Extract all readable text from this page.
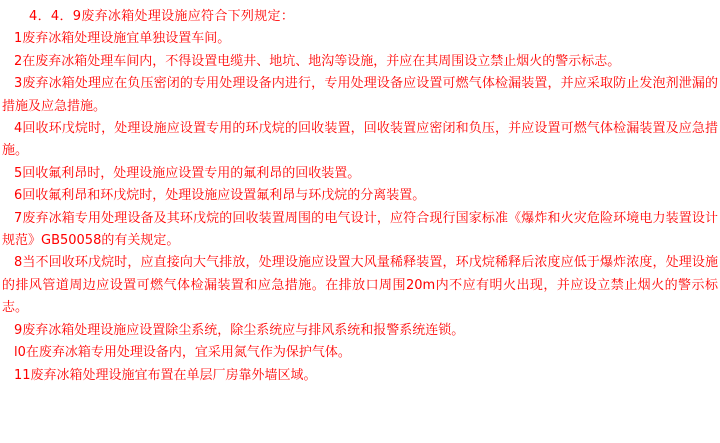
4．4．9废弃冰箱处理设施应符合下列规定：

1废弃冰箱处理设施宜单独设置车间。

2在废弃冰箱处理车间内，不得设置电缆井、地坑、地沟等设施，并应在其周围设立禁止烟火的警示标志。

3废弃冰箱处理应在负压密闭的专用处理设备内进行，专用处理设备应设置可燃气体检漏装置，并应采取防止发泡剂泄漏的措施及应急措施。

4回收环戊烷时，处理设施应设置专用的环戊烷的回收装置，回收装置应密闭和负压，并应设置可燃气体检漏装置及应急措施。

5回收氟利昂时，处理设施应设置专用的氟利昂的回收装置。

6回收氟利昂和环戊烷时，处理设施应设置氟利昂与环戊烷的分离装置。

7废弃冰箱专用处理设备及其环戊烷的回收装置周围的电气设计，应符合现行国家标准《爆炸和火灾危险环境电力装置设计规范》GB50058的有关规定。

8当不回收环戊烷时，应直接向大气排放，处理设施应设置大风量稀释装置，环戊烷稀释后浓度应低于爆炸浓度，处理设施的排风管道周边应设置可燃气体检漏装置和应急措施。在排放口周围20m内不应有明火出现，并应设立禁止烟火的警示标志。

9废弃冰箱处理设施应设置除尘系统，除尘系统应与排风系统和报警系统连锁。

l0在废弃冰箱专用处理设备内，宜采用氮气作为保护气体。

11废弃冰箱处理设施宜布置在单层厂房靠外墙区域。
